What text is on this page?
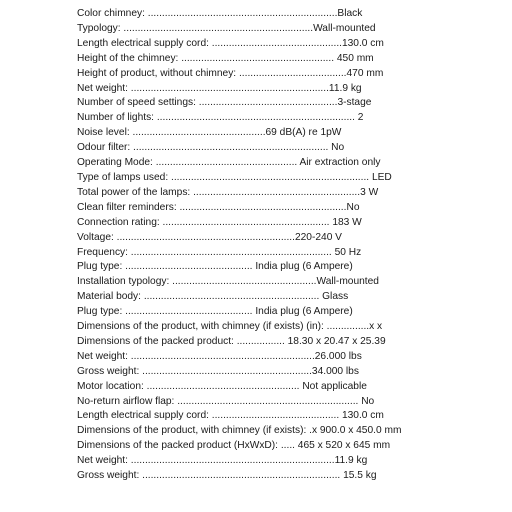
Color chimney: ...................................................................Black
Typology: ...................................................................Wall-mounted
Length electrical supply cord: ..............................................130.0 cm
Height of the chimney: ...................................................... 450 mm
Height of product, without chimney: ......................................470 mm
Net weight: ......................................................................11.9 kg
Number of speed settings: .................................................3-stage
Number of lights: ...................................................................... 2
Noise level: ...............................................69 dB(A) re 1pW
Odour filter: ..................................................................... No
Operating Mode: .................................................. Air extraction only
Type of lamps used: ...................................................................... LED
Total power of the lamps: ...........................................................3 W
Clean filter reminders: ...........................................................No
Connection rating: ........................................................... 183 W
Voltage: ...............................................................220-240 V
Frequency: ....................................................................... 50 Hz
Plug type: ............................................. India plug (6 Ampere)
Installation typology: ...................................................Wall-mounted
Material body: .............................................................. Glass
Plug type: ............................................. India plug (6 Ampere)
Dimensions of the product, with chimney (if exists) (in): ...............x x
Dimensions of the packed product: ................. 18.30 x 20.47 x 25.39
Net weight: .................................................................26.000 lbs
Gross weight: ............................................................34.000 lbs
Motor location: ...................................................... Not applicable
No-return airflow flap: ................................................................ No
Length electrical supply cord: ............................................. 130.0 cm
Dimensions of the product, with chimney (if exists): .x 900.0 x 450.0 mm
Dimensions of the packed product (HxWxD): ..... 465 x 520 x 645 mm
Net weight: ........................................................................11.9 kg
Gross weight: ...................................................................... 15.5 kg
